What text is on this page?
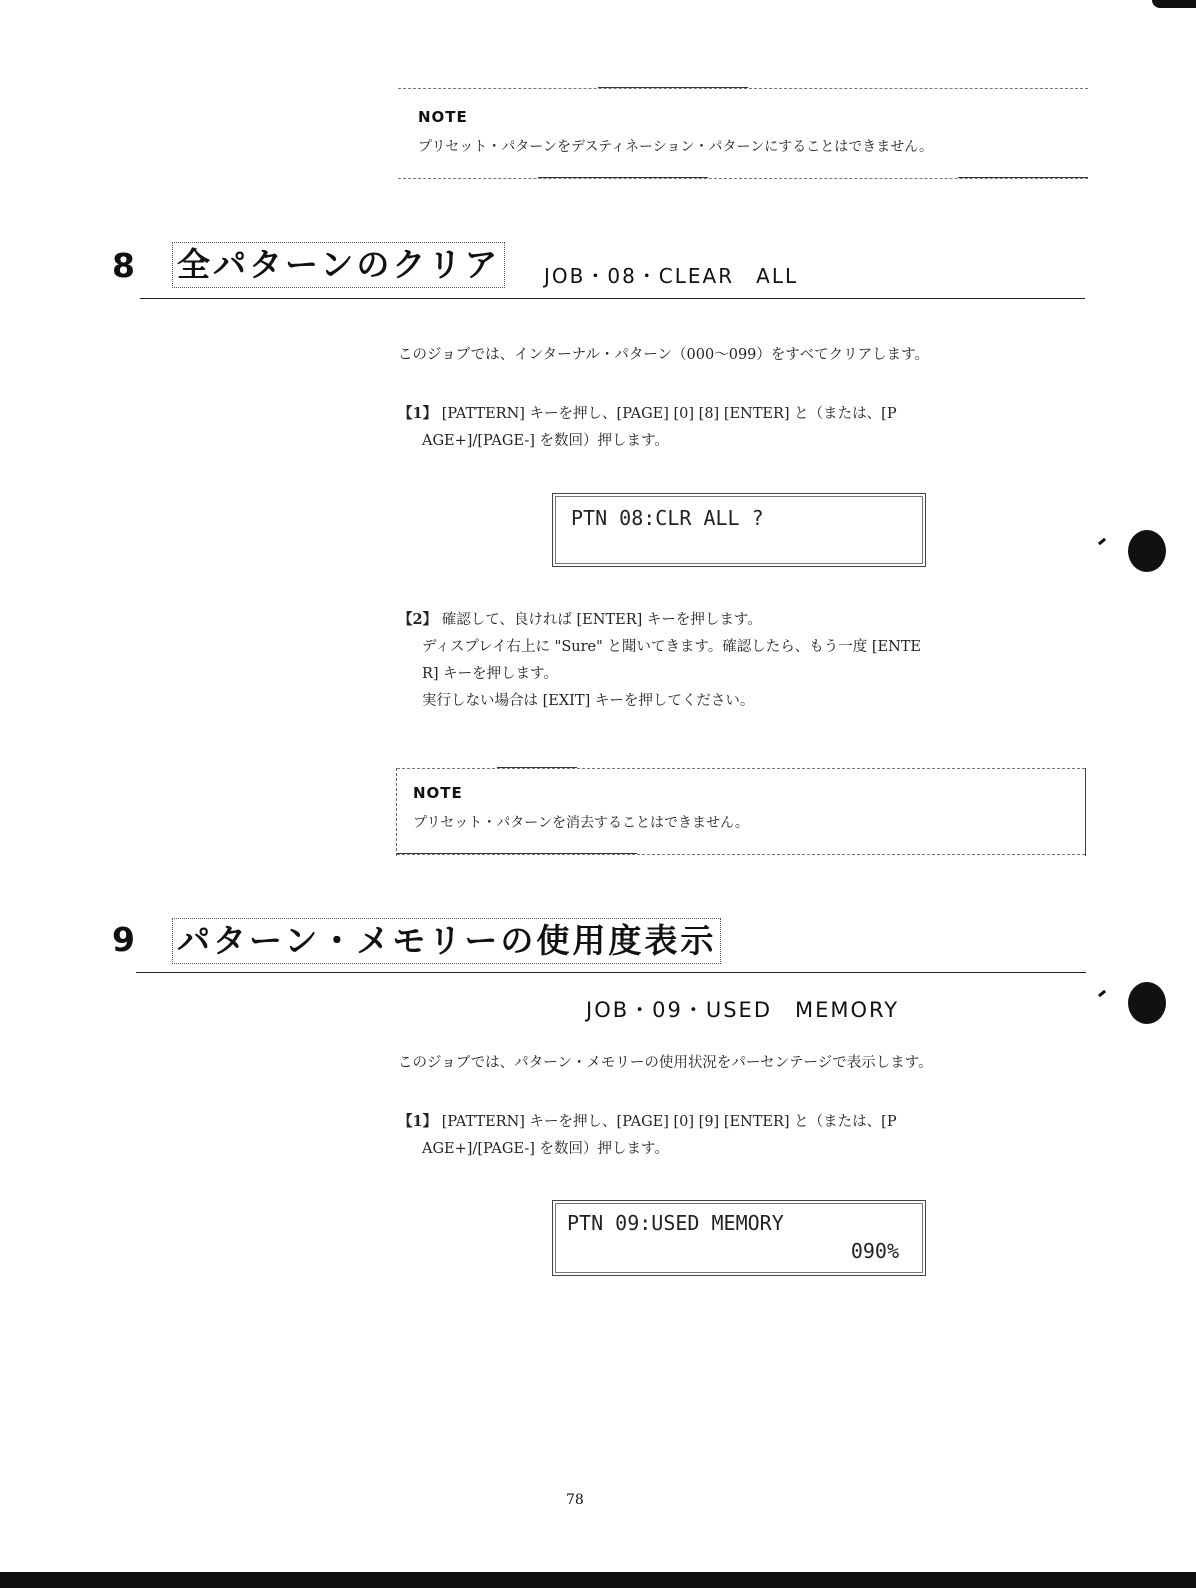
NOTE
プリセット・パターンをデスティネーション・パターンにすることはできません。
8 全パターンのクリア JOB・08・CLEAR　ALL
このジョブでは、インターナル・パターン（000〜099）をすべてクリアします。
【1】 [PATTERN] キーを押し、[PAGE] [0] [8] [ENTER] と（または、[P
AGE+]/[PAGE-] を数回）押します。
PTN 08:CLR ALL ?
【2】 確認して、良ければ [ENTER] キーを押します。
ディスプレイ右上に "Sure" と聞いてきます。確認したら、もう一度 [ENTE
R] キーを押します。
実行しない場合は [EXIT] キーを押してください。
NOTE
プリセット・パターンを消去することはできません。
9 パターン・メモリーの使用度表示
JOB・09・USED　MEMORY
このジョブでは、パターン・メモリーの使用状況をパーセンテージで表示します。
【1】 [PATTERN] キーを押し、[PAGE] [0] [9] [ENTER] と（または、[P
AGE+]/[PAGE-] を数回）押します。
PTN 09:USED MEMORY
090%
78
